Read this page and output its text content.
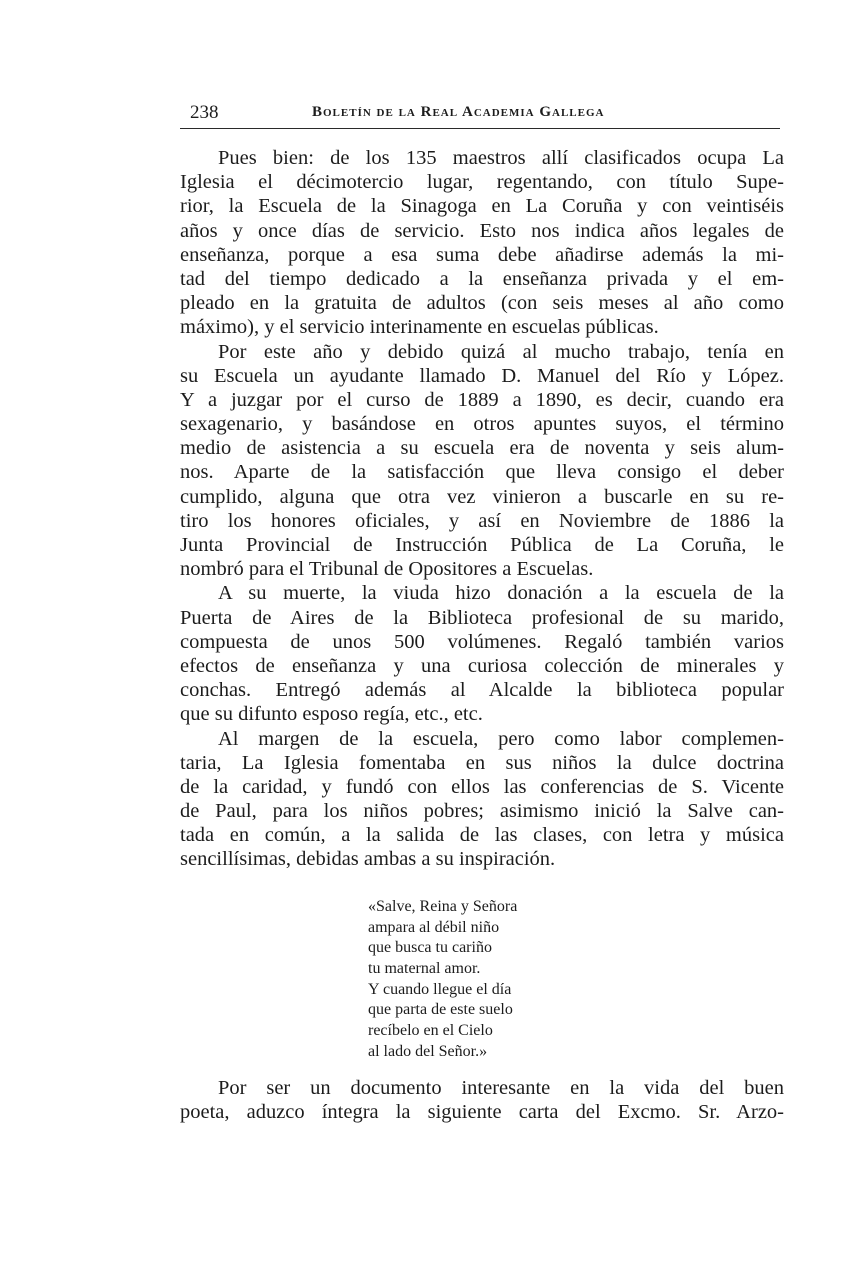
238	Boletín de la Real Academia Gallega
Pues bien: de los 135 maestros allí clasificados ocupa La
Iglesia el décimotercio lugar, regentando, con título Supe-
rior, la Escuela de la Sinagoga en La Coruña y con veintiséis
años y once días de servicio. Esto nos indica años legales de
enseñanza, porque a esa suma debe añadirse además la mi-
tad del tiempo dedicado a la enseñanza privada y el em-
pleado en la gratuita de adultos (con seis meses al año como
máximo), y el servicio interinamente en escuelas públicas.
Por este año y debido quizá al mucho trabajo, tenía en
su Escuela un ayudante llamado D. Manuel del Río y López.
Y a juzgar por el curso de 1889 a 1890, es decir, cuando era
sexagenario, y basándose en otros apuntes suyos, el término
medio de asistencia a su escuela era de noventa y seis alum-
nos. Aparte de la satisfacción que lleva consigo el deber
cumplido, alguna que otra vez vinieron a buscarle en su re-
tiro los honores oficiales, y así en Noviembre de 1886 la
Junta Provincial de Instrucción Pública de La Coruña, le
nombró para el Tribunal de Opositores a Escuelas.
A su muerte, la viuda hizo donación a la escuela de la
Puerta de Aires de la Biblioteca profesional de su marido,
compuesta de unos 500 volúmenes. Regaló también varios
efectos de enseñanza y una curiosa colección de minerales y
conchas. Entregó además al Alcalde la biblioteca popular
que su difunto esposo regía, etc., etc.
Al margen de la escuela, pero como labor complemen-
taria, La Iglesia fomentaba en sus niños la dulce doctrina
de la caridad, y fundó con ellos las conferencias de S. Vicente
de Paul, para los niños pobres; asimismo inició la Salve can-
tada en común, a la salida de las clases, con letra y música
sencillísimas, debidas ambas a su inspiración.
«Salve, Reina y Señora
ampara al débil niño
que busca tu cariño
tu maternal amor.
Y cuando llegue el día
que parta de este suelo
recíbelo en el Cielo
al lado del Señor.»
Por ser un documento interesante en la vida del buen
poeta, aduzco íntegra la siguiente carta del Excmo. Sr. Arzo-
